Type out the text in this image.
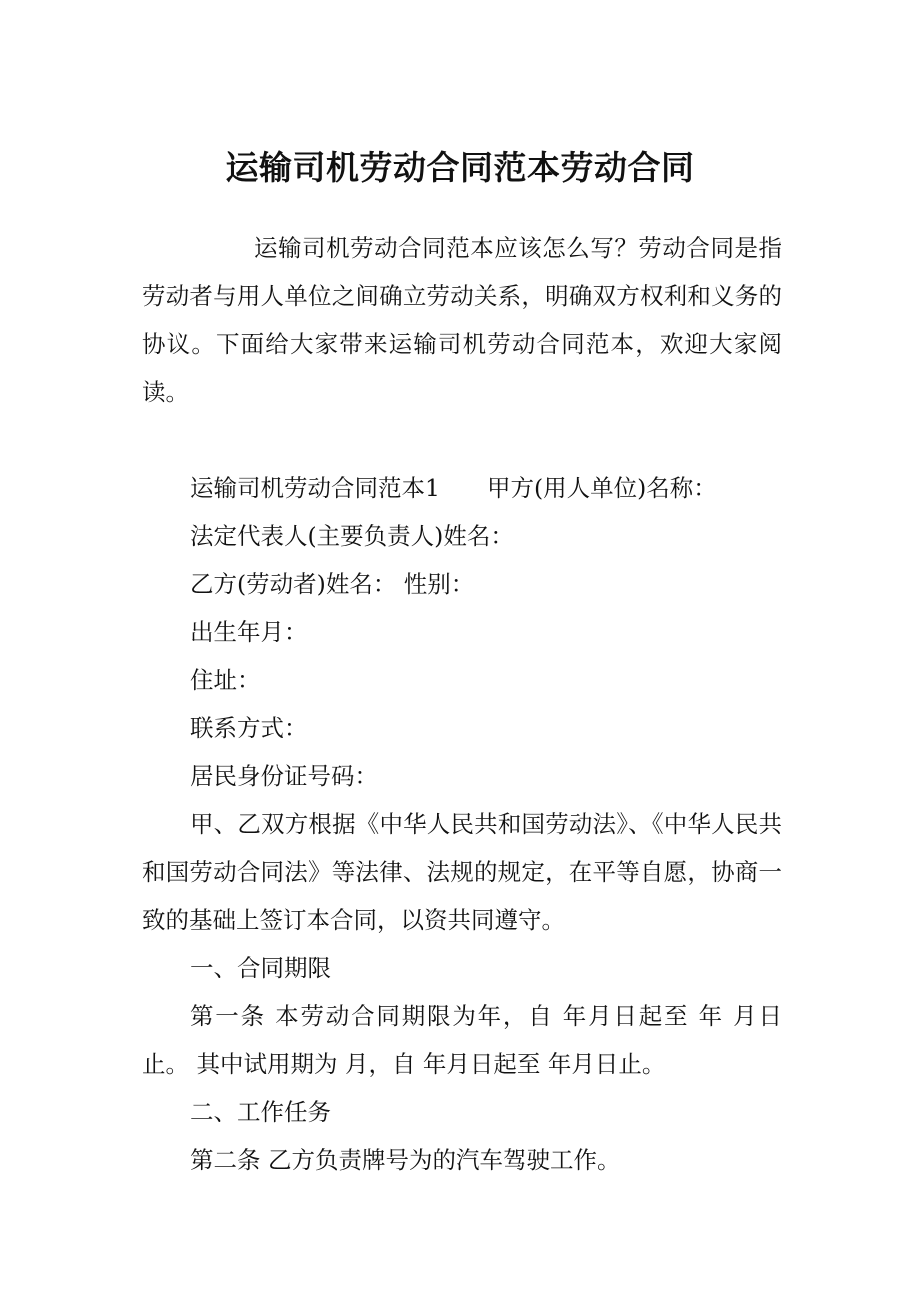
运输司机劳动合同范本劳动合同

运输司机劳动合同范本应该怎么写？劳动合同是指劳动者与用人单位之间确立劳动关系，明确双方权利和义务的协议。下面给大家带来运输司机劳动合同范本，欢迎大家阅读。

运输司机劳动合同范本1　　甲方(用人单位)名称：

法定代表人(主要负责人)姓名：

乙方(劳动者)姓名： 性别：

出生年月：

住址：

联系方式：

居民身份证号码：

甲、乙双方根据《中华人民共和国劳动法》、《中华人民共和国劳动合同法》等法律、法规的规定，在平等自愿，协商一致的基础上签订本合同，以资共同遵守。

一、合同期限

第一条 本劳动合同期限为年，自 年月日起至 年 月日止。 其中试用期为 月，自 年月日起至 年月日止。

二、工作任务

第二条 乙方负责牌号为的汽车驾驶工作。
